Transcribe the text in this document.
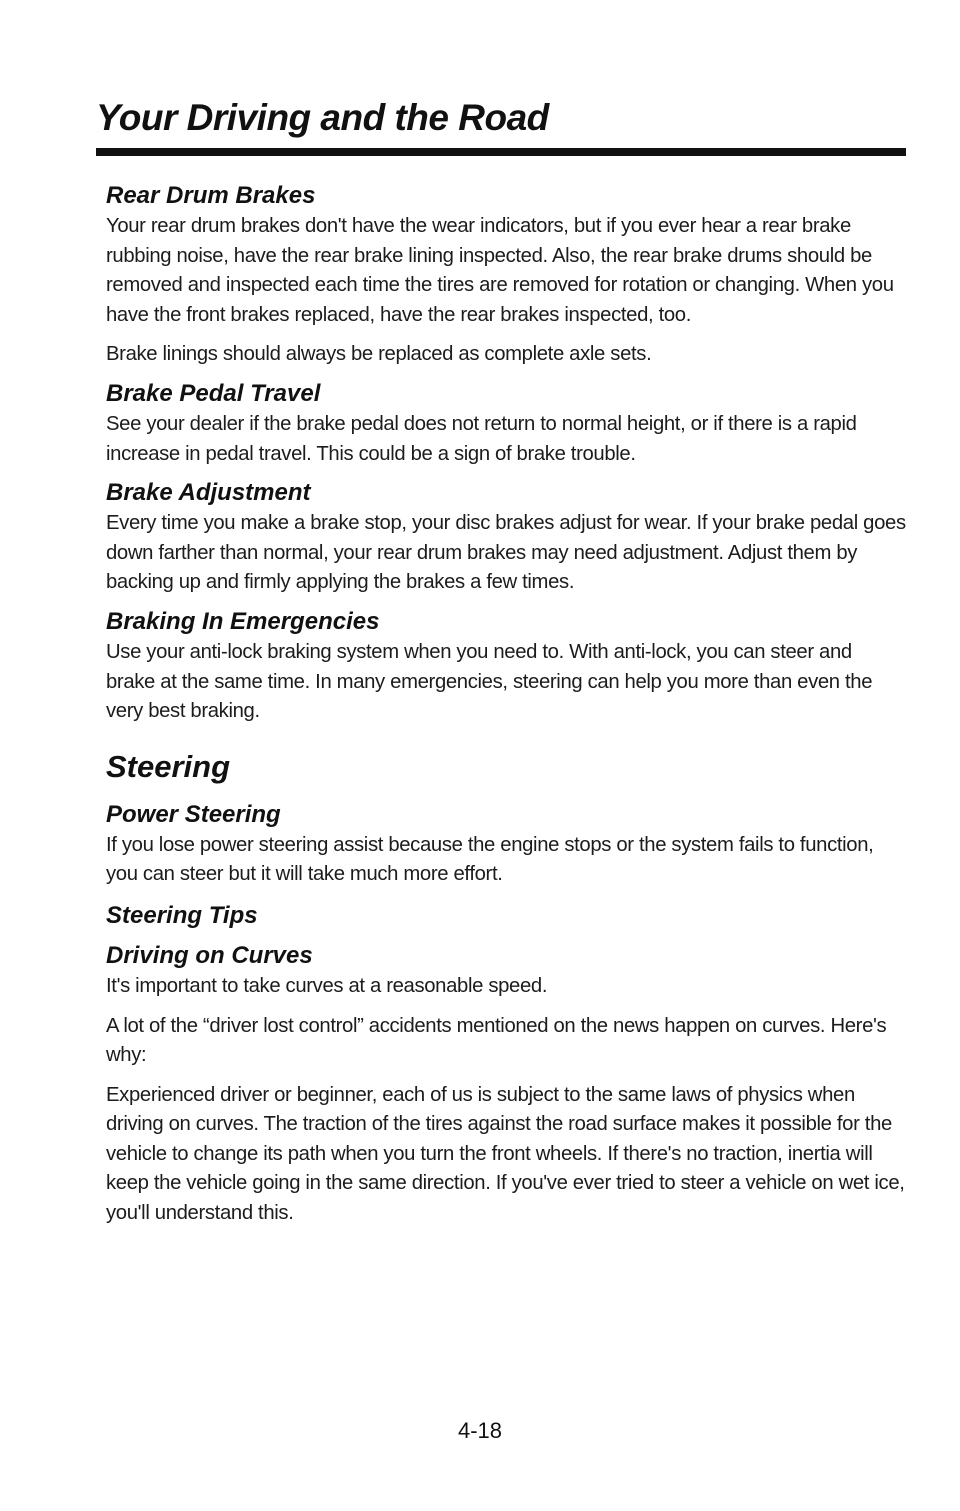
Your Driving and the Road
Rear Drum Brakes

Your rear drum brakes don't have the wear indicators, but if you ever hear a rear brake rubbing noise, have the rear brake lining inspected. Also, the rear brake drums should be removed and inspected each time the tires are removed for rotation or changing. When you have the front brakes replaced, have the rear brakes inspected, too.

Brake linings should always be replaced as complete axle sets.

Brake Pedal Travel

See your dealer if the brake pedal does not return to normal height, or if there is a rapid increase in pedal travel. This could be a sign of brake trouble.

Brake Adjustment

Every time you make a brake stop, your disc brakes adjust for wear. If your brake pedal goes down farther than normal, your rear drum brakes may need adjustment. Adjust them by backing up and firmly applying the brakes a few times.

Braking In Emergencies

Use your anti-lock braking system when you need to. With anti-lock, you can steer and brake at the same time. In many emergencies, steering can help you more than even the very best braking.

Steering
Power Steering

If you lose power steering assist because the engine stops or the system fails to function, you can steer but it will take much more effort.

Steering Tips
Driving on Curves

It's important to take curves at a reasonable speed.

A lot of the “driver lost control” accidents mentioned on the news happen on curves. Here's why:

Experienced driver or beginner, each of us is subject to the same laws of physics when driving on curves. The traction of the tires against the road surface makes it possible for the vehicle to change its path when you turn the front wheels. If there's no traction, inertia will keep the vehicle going in the same direction. If you've ever tried to steer a vehicle on wet ice, you'll understand this.

4-18
